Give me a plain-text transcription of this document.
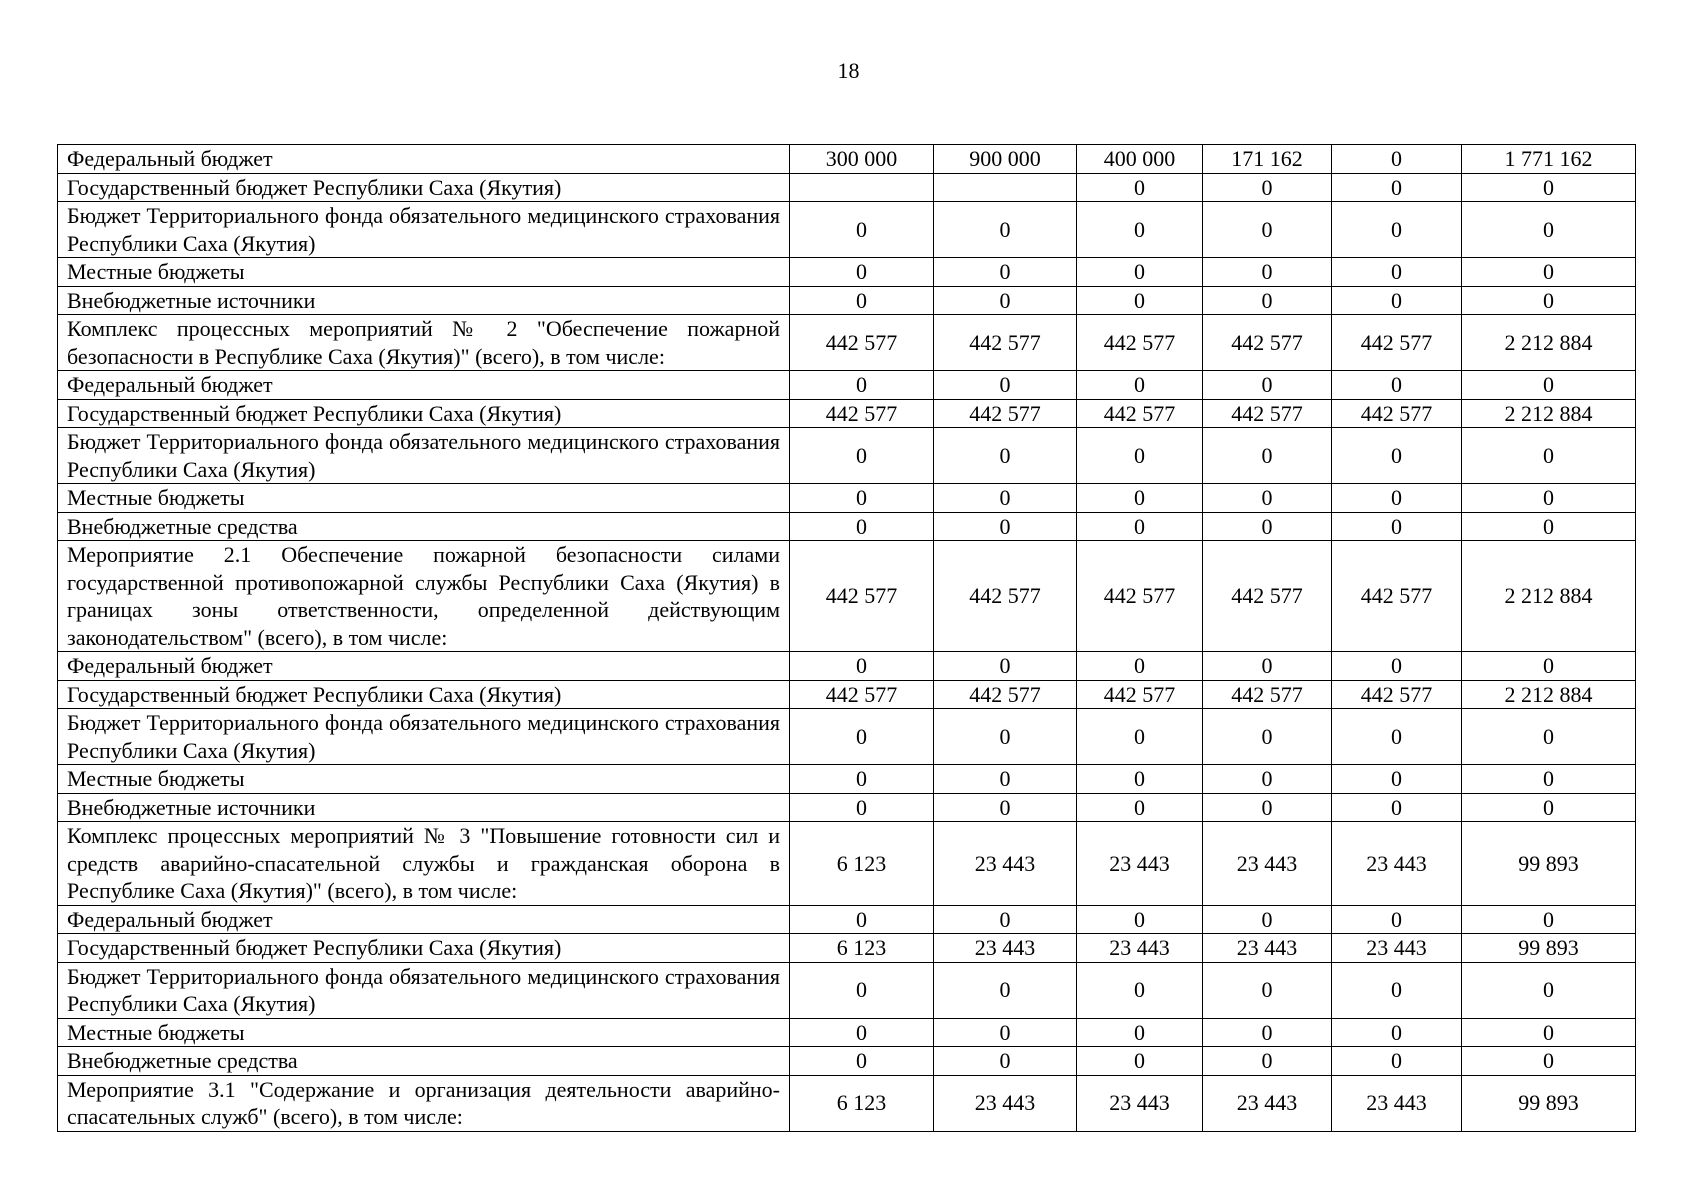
18
Федеральный бюджет	300 000	900 000	400 000	171 162	0	1 771 162
Государственный бюджет Республики Саха (Якутия)			0	0	0	0
Бюджет Территориального фонда обязательного медицинского страхования Республики Саха (Якутия)	0	0	0	0	0	0
Местные бюджеты	0	0	0	0	0	0
Внебюджетные источники	0	0	0	0	0	0
Комплекс процессных мероприятий № 2 "Обеспечение пожарной безопасности в Республике Саха (Якутия)" (всего), в том числе:	442 577	442 577	442 577	442 577	442 577	2 212 884
Федеральный бюджет	0	0	0	0	0	0
Государственный бюджет Республики Саха (Якутия)	442 577	442 577	442 577	442 577	442 577	2 212 884
Бюджет Территориального фонда обязательного медицинского страхования Республики Саха (Якутия)	0	0	0	0	0	0
Местные бюджеты	0	0	0	0	0	0
Внебюджетные средства	0	0	0	0	0	0
Мероприятие 2.1 Обеспечение пожарной безопасности силами государственной противопожарной службы Республики Саха (Якутия) в границах зоны ответственности, определенной действующим законодательством" (всего), в том числе:	442 577	442 577	442 577	442 577	442 577	2 212 884
Федеральный бюджет	0	0	0	0	0	0
Государственный бюджет Республики Саха (Якутия)	442 577	442 577	442 577	442 577	442 577	2 212 884
Бюджет Территориального фонда обязательного медицинского страхования Республики Саха (Якутия)	0	0	0	0	0	0
Местные бюджеты	0	0	0	0	0	0
Внебюджетные источники	0	0	0	0	0	0
Комплекс процессных мероприятий № 3 "Повышение готовности сил и средств аварийно-спасательной службы и гражданская оборона в Республике Саха (Якутия)" (всего), в том числе:	6 123	23 443	23 443	23 443	23 443	99 893
Федеральный бюджет	0	0	0	0	0	0
Государственный бюджет Республики Саха (Якутия)	6 123	23 443	23 443	23 443	23 443	99 893
Бюджет Территориального фонда обязательного медицинского страхования Республики Саха (Якутия)	0	0	0	0	0	0
Местные бюджеты	0	0	0	0	0	0
Внебюджетные средства	0	0	0	0	0	0
Мероприятие 3.1 "Содержание и организация деятельности аварийно-спасательных служб" (всего), в том числе:	6 123	23 443	23 443	23 443	23 443	99 893
